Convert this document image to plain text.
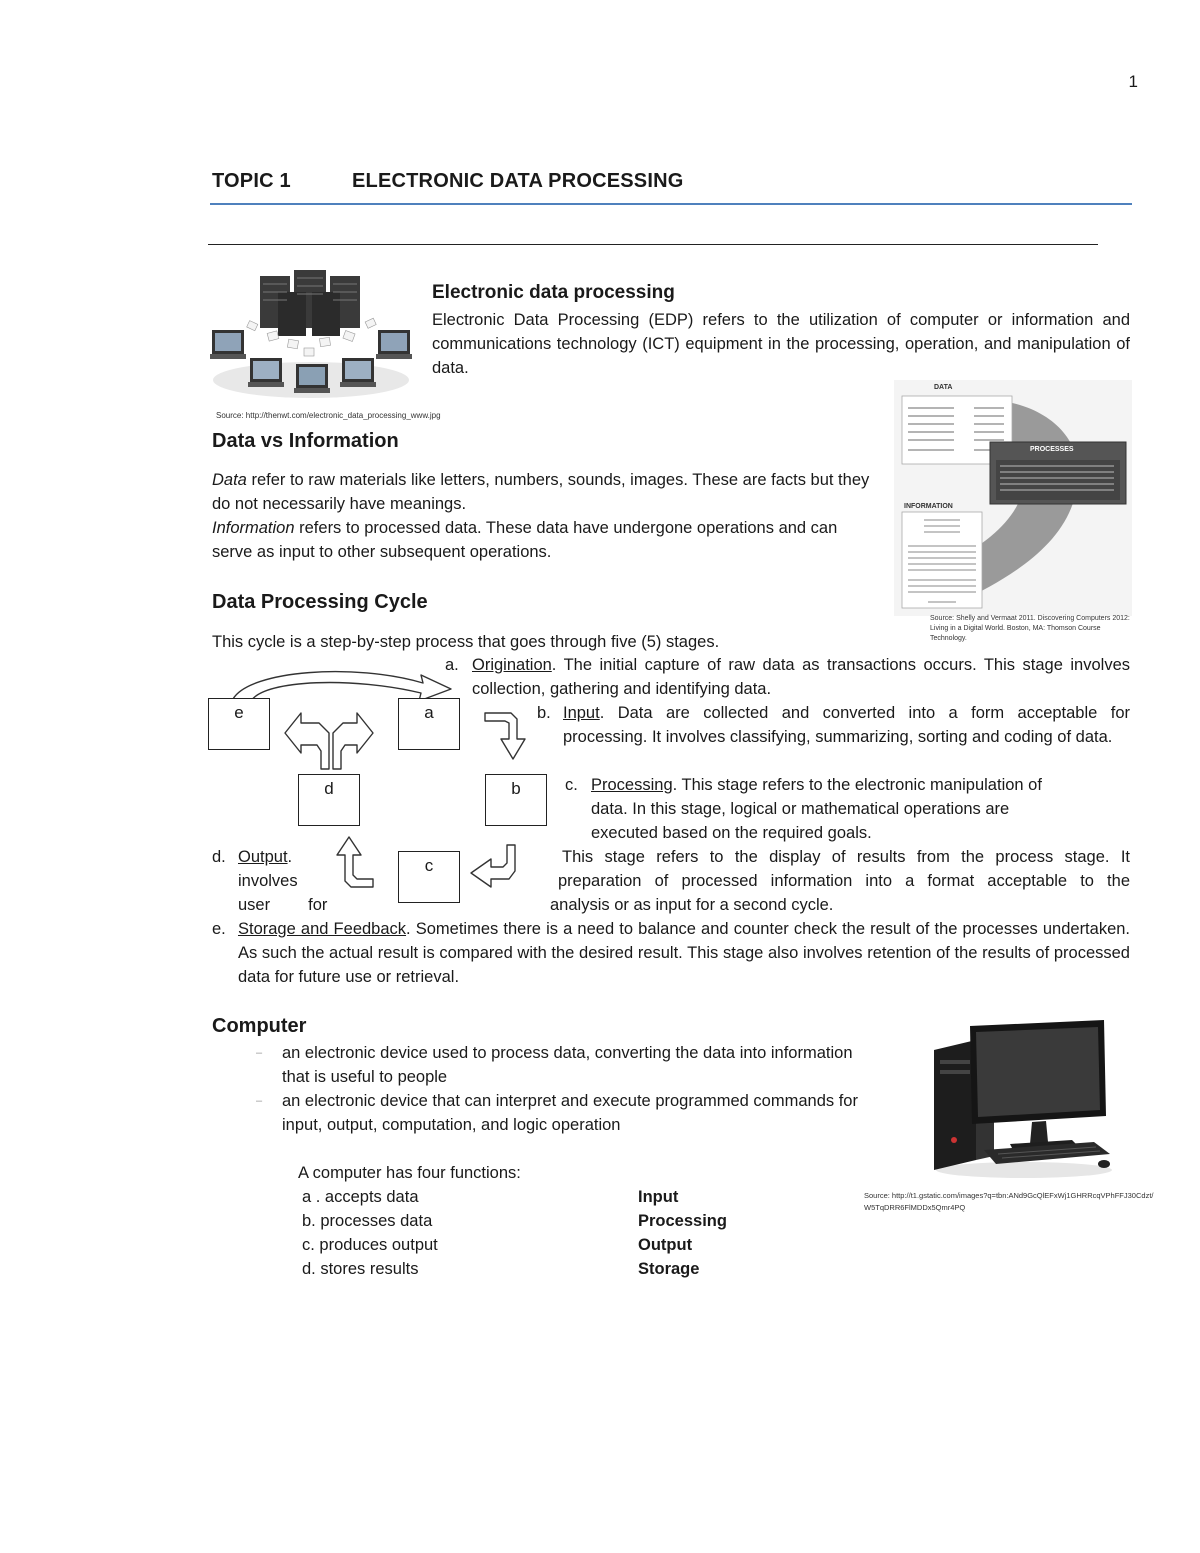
1
TOPIC 1	ELECTRONIC DATA PROCESSING
Source: http://thenwt.com/electronic_data_processing_www.jpg
Electronic data processing
Electronic Data Processing (EDP) refers to the utilization of computer or information and communications technology (ICT) equipment in the processing, operation, and manipulation of data.
Data vs Information
Data refer to raw materials like letters, numbers, sounds, images. These are facts but they do not necessarily have meanings.
Information refers to processed data. These data have undergone operations and can serve as input to other subsequent operations.
DATA
PROCESSES
INFORMATION
Source: Shelly and Vermaat 2011. Discovering Computers 2012: Living in a Digital World. Boston, MA: Thomson Course Technology.
Data Processing Cycle
This cycle is a step-by-step process that goes through five (5) stages.
e	a
b
d
c
a. Origination. The initial capture of raw data as transactions occurs. This stage involves collection, gathering and identifying data.
b. Input. Data are collected and converted into a form acceptable for processing. It involves classifying, summarizing, sorting and coding of data.
c. Processing. This stage refers to the electronic manipulation of
data. In this stage, logical or mathematical operations are
executed based on the required goals.
d. Output.
involves
user for
This stage refers to the display of results from the process stage. It
preparation of processed information into a format acceptable to the
analysis or as input for a second cycle.
e. Storage and Feedback. Sometimes there is a need to balance and counter check the result of the processes undertaken. As such the actual result is compared with the desired result. This stage also involves retention of the results of processed data for future use or retrieval.
Computer
–	an electronic device used to process data, converting the data into information that is useful to people
–	an electronic device that can interpret and execute programmed commands for input, output, computation, and logic operation
A computer has four functions:
a . accepts data	Input
b. processes data	Processing
c. produces output	Output
d. stores results	Storage
Source: http://t1.gstatic.com/images?q=tbn:ANd9GcQlEFxWj1GHRRcqVPhFFJ30Cdzt/W5TqDRR6FlMDDx5Qmr4PQ
